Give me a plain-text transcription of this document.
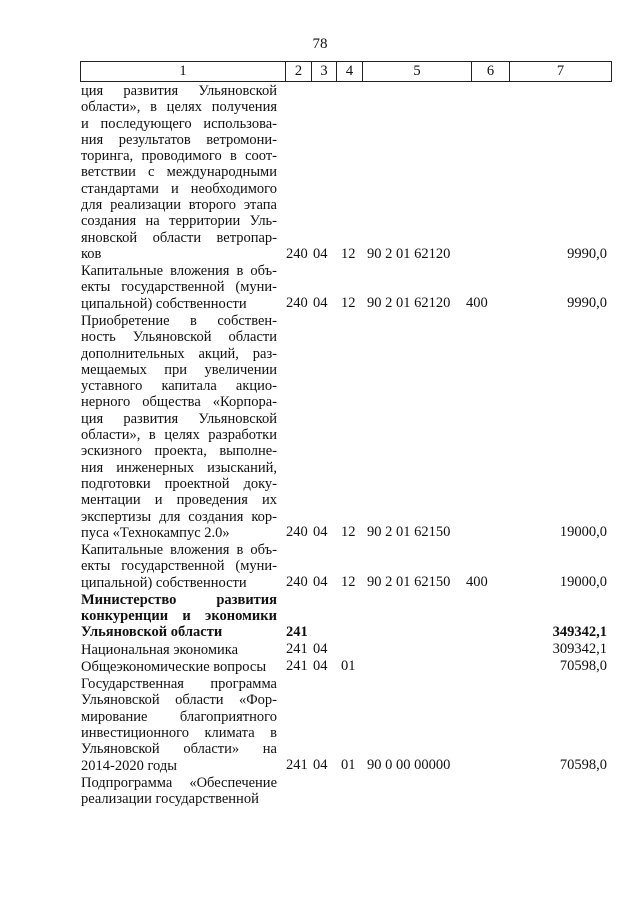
78
1	2	3	4	5	6	7
ция развития Ульяновской
области», в целях получения
и последующего использова-
ния результатов ветромони-
торинга, проводимого в соот-
ветствии с международными
стандартами и необходимого
для реализации второго этапа
создания на территории Уль-
яновской области ветропар-
ков	240 04 12 90 2 01 62120	9990,0
Капитальные вложения в объ-
екты государственной (муни-
ципальной) собственности	240 04 12 90 2 01 62120 400	9990,0
Приобретение в собствен-
ность Ульяновской области
дополнительных акций, раз-
мещаемых при увеличении
уставного капитала акцио-
нерного общества «Корпора-
ция развития Ульяновской
области», в целях разработки
эскизного проекта, выполне-
ния инженерных изысканий,
подготовки проектной доку-
ментации и проведения их
экспертизы для создания кор-
пуса «Технокампус 2.0»	240 04 12 90 2 01 62150	19000,0
Капитальные вложения в объ-
екты государственной (муни-
ципальной) собственности	240 04 12 90 2 01 62150 400	19000,0
Министерство развития
конкуренции и экономики
Ульяновской области	241	349342,1
Национальная экономика	241 04	309342,1
Общеэкономические вопросы	241 04 01	70598,0
Государственная программа
Ульяновской области «Фор-
мирование благоприятного
инвестиционного климата в
Ульяновской области» на
2014-2020 годы	241 04 01 90 0 00 00000	70598,0
Подпрограмма «Обеспечение
реализации государственной
